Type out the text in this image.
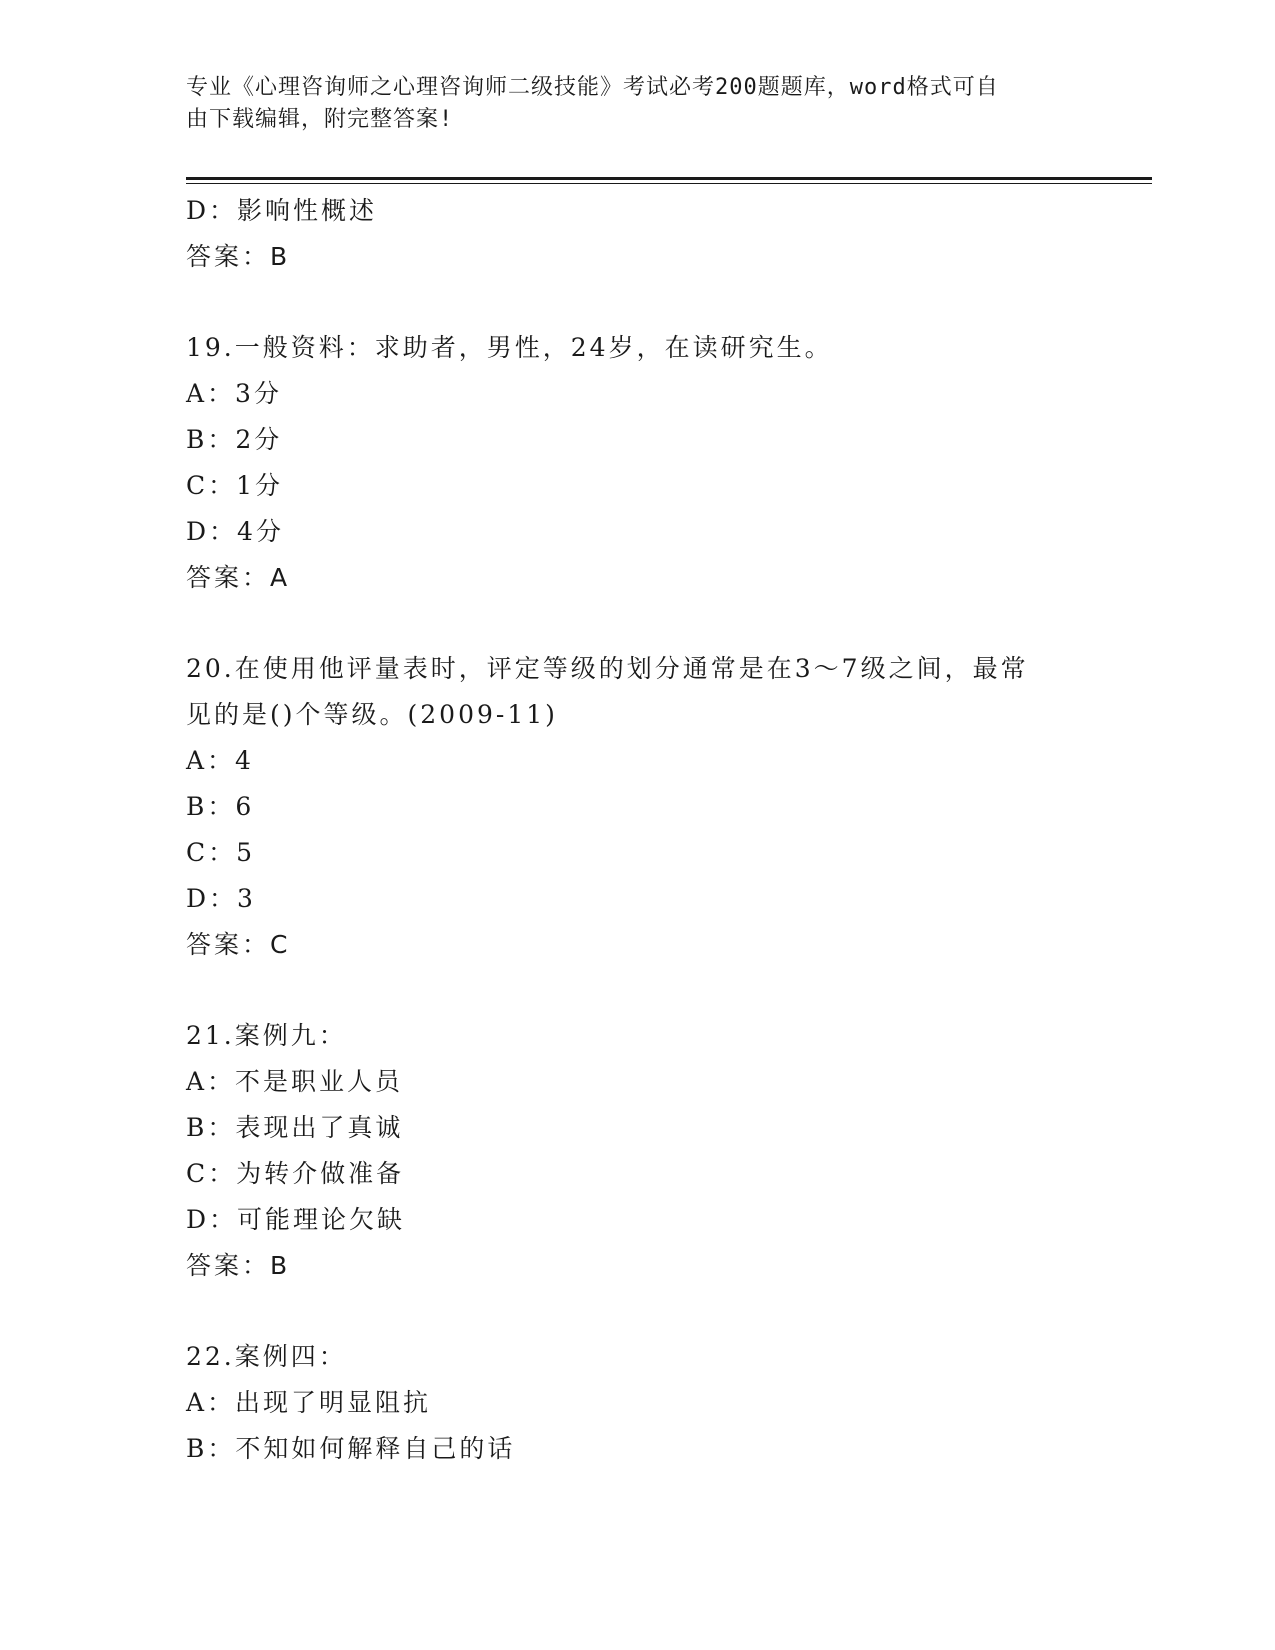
专业《心理咨询师之心理咨询师二级技能》考试必考200题题库，word格式可自
由下载编辑，附完整答案!
D：影响性概述
答案：B
19.一般资料：求助者，男性，24岁，在读研究生。
A：3分
B：2分
C：1分
D：4分
答案：A
20.在使用他评量表时，评定等级的划分通常是在3～7级之间，最常
见的是()个等级。(2009-11)
A：4
B：6
C：5
D：3
答案：C
21.案例九：
A：不是职业人员
B：表现出了真诚
C：为转介做准备
D：可能理论欠缺
答案：B
22.案例四：
A：出现了明显阻抗
B：不知如何解释自己的话
